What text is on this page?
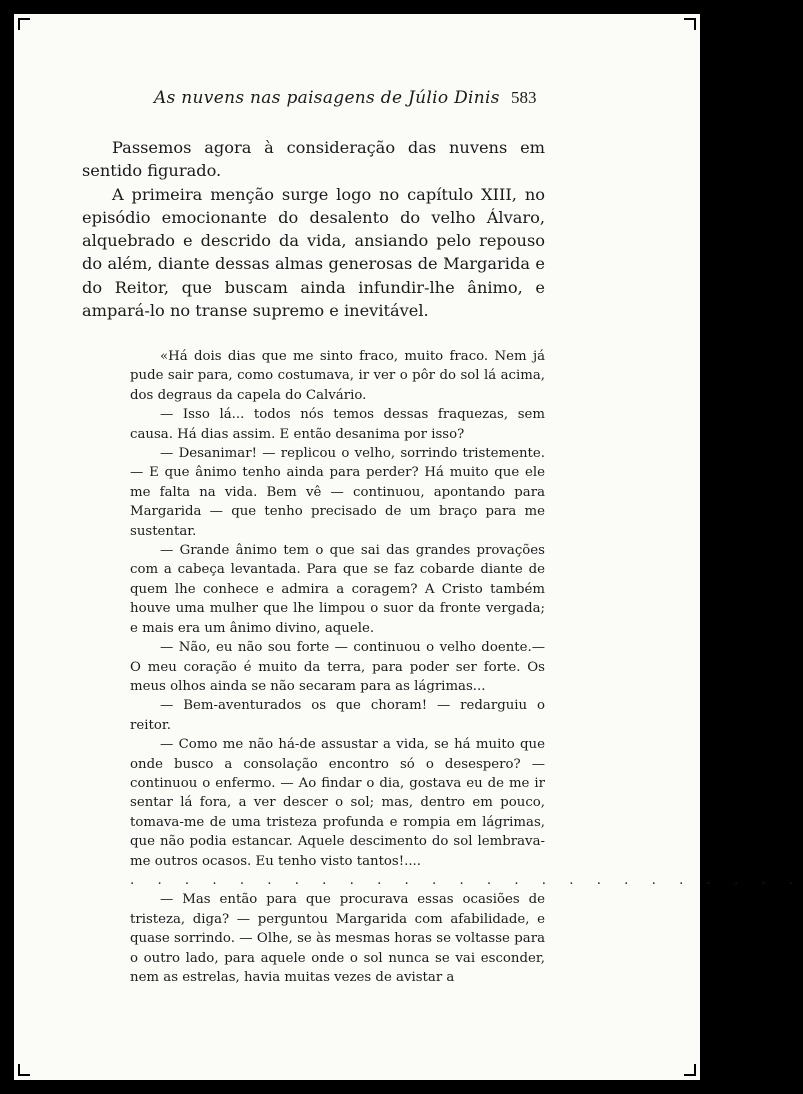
As nuvens nas paisagens de Júlio Dinis 583

Passemos agora à consideração das nuvens em sentido figurado.

A primeira menção surge logo no capítulo XIII, no episódio emocionante do desalento do velho Álvaro, alquebrado e descrido da vida, ansiando pelo repouso do além, diante dessas almas generosas de Margarida e do Reitor, que buscam ainda infundir-lhe ânimo, e ampará-lo no transe supremo e inevitável.

«Há dois dias que me sinto fraco, muito fraco. Nem já pude sair para, como costumava, ir ver o pôr do sol lá acima, dos degraus da capela do Calvário.

— Isso lá... todos nós temos dessas fraquezas, sem causa. Há dias assim. E então desanima por isso?

— Desanimar! — replicou o velho, sorrindo tristemente. — E que ânimo tenho ainda para perder? Há muito que ele me falta na vida. Bem vê — continuou, apontando para Margarida — que tenho precisado de um braço para me sustentar.

— Grande ânimo tem o que sai das grandes provações com a cabeça levantada. Para que se faz cobarde diante de quem lhe conhece e admira a coragem? A Cristo também houve uma mulher que lhe limpou o suor da fronte vergada; e mais era um ânimo divino, aquele.

— Não, eu não sou forte — continuou o velho doente.— O meu coração é muito da terra, para poder ser forte. Os meus olhos ainda se não secaram para as lágrimas...

— Bem-aventurados os que choram! — redarguiu o reitor.

— Como me não há-de assustar a vida, se há muito que onde busco a consolação encontro só o desespero? — continuou o enfermo. — Ao findar o dia, gostava eu de me ir sentar lá fora, a ver descer o sol; mas, dentro em pouco, tomava-me de uma tristeza profunda e rompia em lágrimas, que não podia estancar. Aquele descimento do sol lembrava-me outros ocasos. Eu tenho visto tantos!....

. . . . . . . . . . . . . . . . . . . . . . . . .

— Mas então para que procurava essas ocasiões de tristeza, diga? — perguntou Margarida com afabilidade, e quase sorrindo. — Olhe, se às mesmas horas se voltasse para o outro lado, para aquele onde o sol nunca se vai esconder, nem as estrelas, havia muitas vezes de avistar a
